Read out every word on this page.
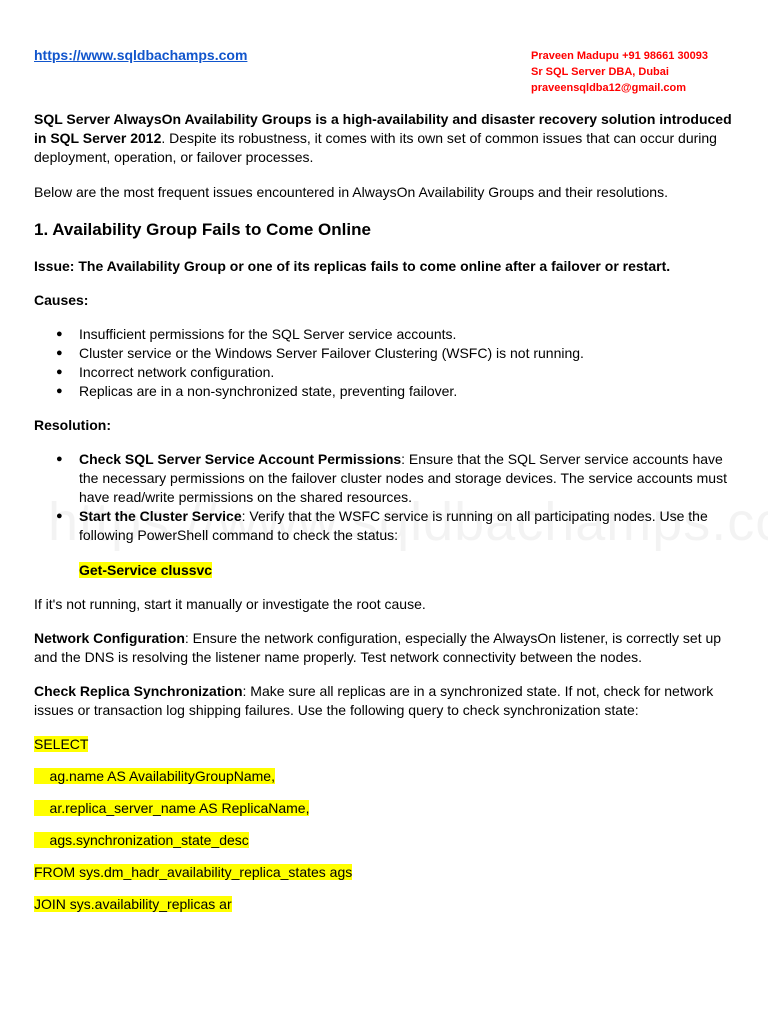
https://www.sqldbachamps.com	Praveen Madupu +91 98661 30093
Sr SQL Server DBA, Dubai
praveensqldba12@gmail.com
SQL Server AlwaysOn Availability Groups is a high-availability and disaster recovery solution introduced in SQL Server 2012. Despite its robustness, it comes with its own set of common issues that can occur during deployment, operation, or failover processes.
Below are the most frequent issues encountered in AlwaysOn Availability Groups and their resolutions.
1. Availability Group Fails to Come Online
Issue: The Availability Group or one of its replicas fails to come online after a failover or restart.
Causes:
● Insufficient permissions for the SQL Server service accounts.
● Cluster service or the Windows Server Failover Clustering (WSFC) is not running.
● Incorrect network configuration.
● Replicas are in a non-synchronized state, preventing failover.
Resolution:
● Check SQL Server Service Account Permissions: Ensure that the SQL Server service accounts have the necessary permissions on the failover cluster nodes and storage devices. The service accounts must have read/write permissions on the shared resources.
● Start the Cluster Service: Verify that the WSFC service is running on all participating nodes. Use the following PowerShell command to check the status:
Get-Service clussvc
If it's not running, start it manually or investigate the root cause.
Network Configuration: Ensure the network configuration, especially the AlwaysOn listener, is correctly set up and the DNS is resolving the listener name properly. Test network connectivity between the nodes.
Check Replica Synchronization: Make sure all replicas are in a synchronized state. If not, check for network issues or transaction log shipping failures. Use the following query to check synchronization state:
SELECT
ag.name AS AvailabilityGroupName,
ar.replica_server_name AS ReplicaName,
ags.synchronization_state_desc
FROM sys.dm_hadr_availability_replica_states ags
JOIN sys.availability_replicas ar
